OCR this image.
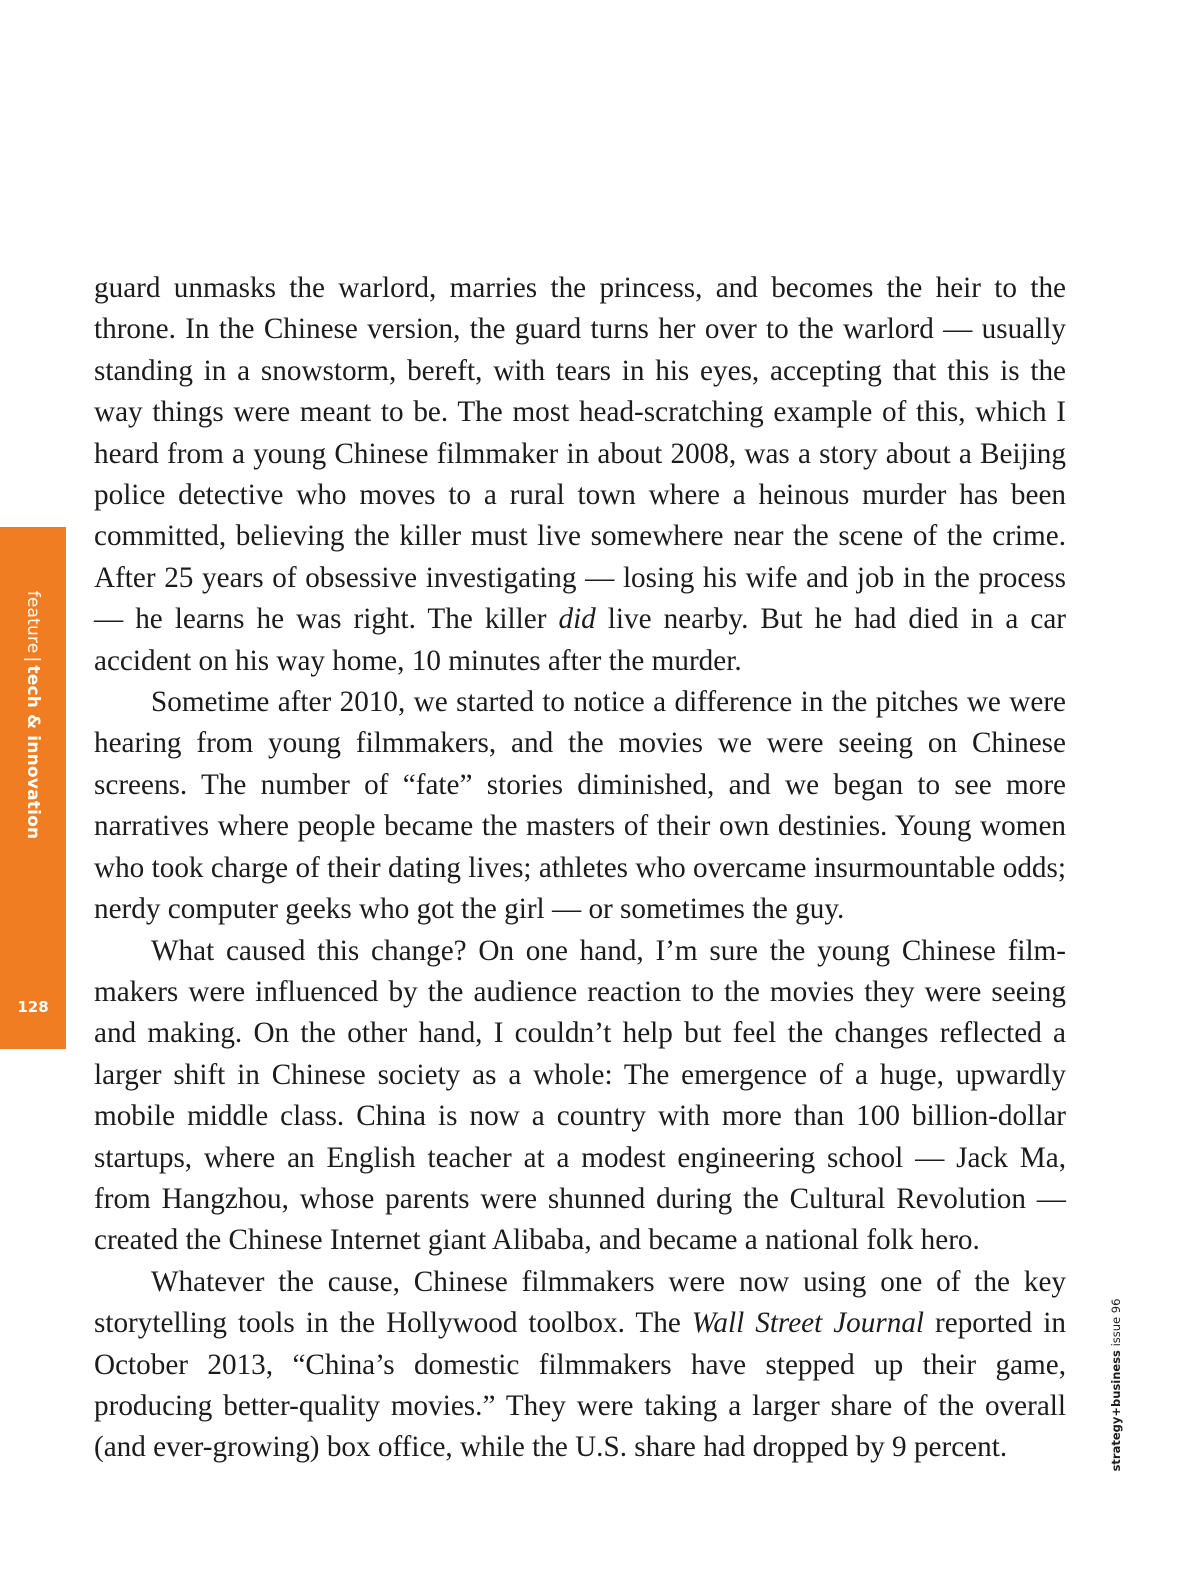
feature|tech & innovation
128

guard unmasks the warlord, marries the princess, and becomes the heir to the throne. In the Chinese version, the guard turns her over to the warlord — usually standing in a snowstorm, bereft, with tears in his eyes, accepting that this is the way things were meant to be. The most head-scratching example of this, which I heard from a young Chinese filmmaker in about 2008, was a story about a Beijing police detective who moves to a rural town where a heinous murder has been committed, believing the killer must live somewhere near the scene of the crime. After 25 years of obsessive investigating — losing his wife and job in the process — he learns he was right. The killer did live nearby. But he had died in a car accident on his way home, 10 minutes after the murder.

Sometime after 2010, we started to notice a difference in the pitches we were hearing from young filmmakers, and the movies we were seeing on Chinese screens. The number of “fate” stories diminished, and we began to see more narratives where people became the masters of their own destinies. Young women who took charge of their dating lives; athletes who overcame insurmountable odds; nerdy computer geeks who got the girl — or sometimes the guy.

What caused this change? On one hand, I’m sure the young Chinese filmmakers were influenced by the audience reaction to the movies they were seeing and making. On the other hand, I couldn’t help but feel the changes reflected a larger shift in Chinese society as a whole: The emergence of a huge, upwardly mobile middle class. China is now a country with more than 100 billion-dollar startups, where an English teacher at a modest engineering school — Jack Ma, from Hangzhou, whose parents were shunned during the Cultural Revolution — created the Chinese Internet giant Alibaba, and became a national folk hero.

Whatever the cause, Chinese filmmakers were now using one of the key storytelling tools in the Hollywood toolbox. The Wall Street Journal reported in October 2013, “China’s domestic filmmakers have stepped up their game, producing better-quality movies.” They were taking a larger share of the overall (and ever-growing) box office, while the U.S. share had dropped by 9 percent.	strategy+business issue 96
